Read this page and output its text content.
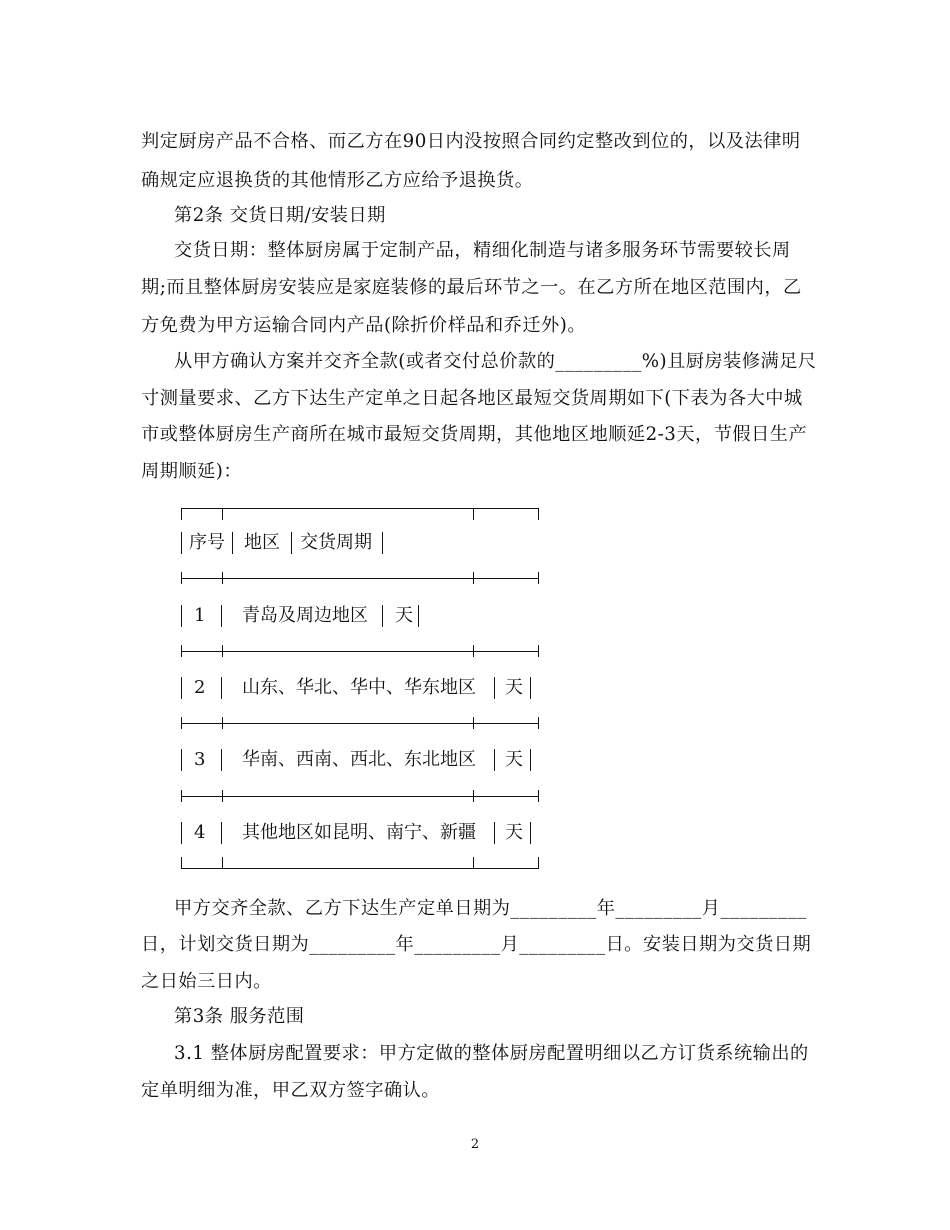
判定厨房产品不合格、而乙方在90日内没按照合同约定整改到位的，以及法律明
确规定应退换货的其他情形乙方应给予退换货。
第2条 交货日期/安装日期
交货日期：整体厨房属于定制产品，精细化制造与诸多服务环节需要较长周
期;而且整体厨房安装应是家庭装修的最后环节之一。在乙方所在地区范围内，乙
方免费为甲方运输合同内产品(除折价样品和乔迁外)。
从甲方确认方案并交齐全款(或者交付总价款的_________%)且厨房装修满足尺
寸测量要求、乙方下达生产定单之日起各地区最短交货周期如下(下表为各大中城
市或整体厨房生产商所在城市最短交货周期，其他地区地顺延2-3天，节假日生产
周期顺延)：
序号 地区 交货周期
1 青岛及周边地区 天
2 山东、华北、华中、华东地区 天
3 华南、西南、西北、东北地区 天
4 其他地区如昆明、南宁、新疆 天
甲方交齐全款、乙方下达生产定单日期为_________年_________月_________
日，计划交货日期为_________年_________月_________日。安装日期为交货日期
之日始三日内。
第3条 服务范围
3.1 整体厨房配置要求：甲方定做的整体厨房配置明细以乙方订货系统输出的
定单明细为准，甲乙双方签字确认。
2
